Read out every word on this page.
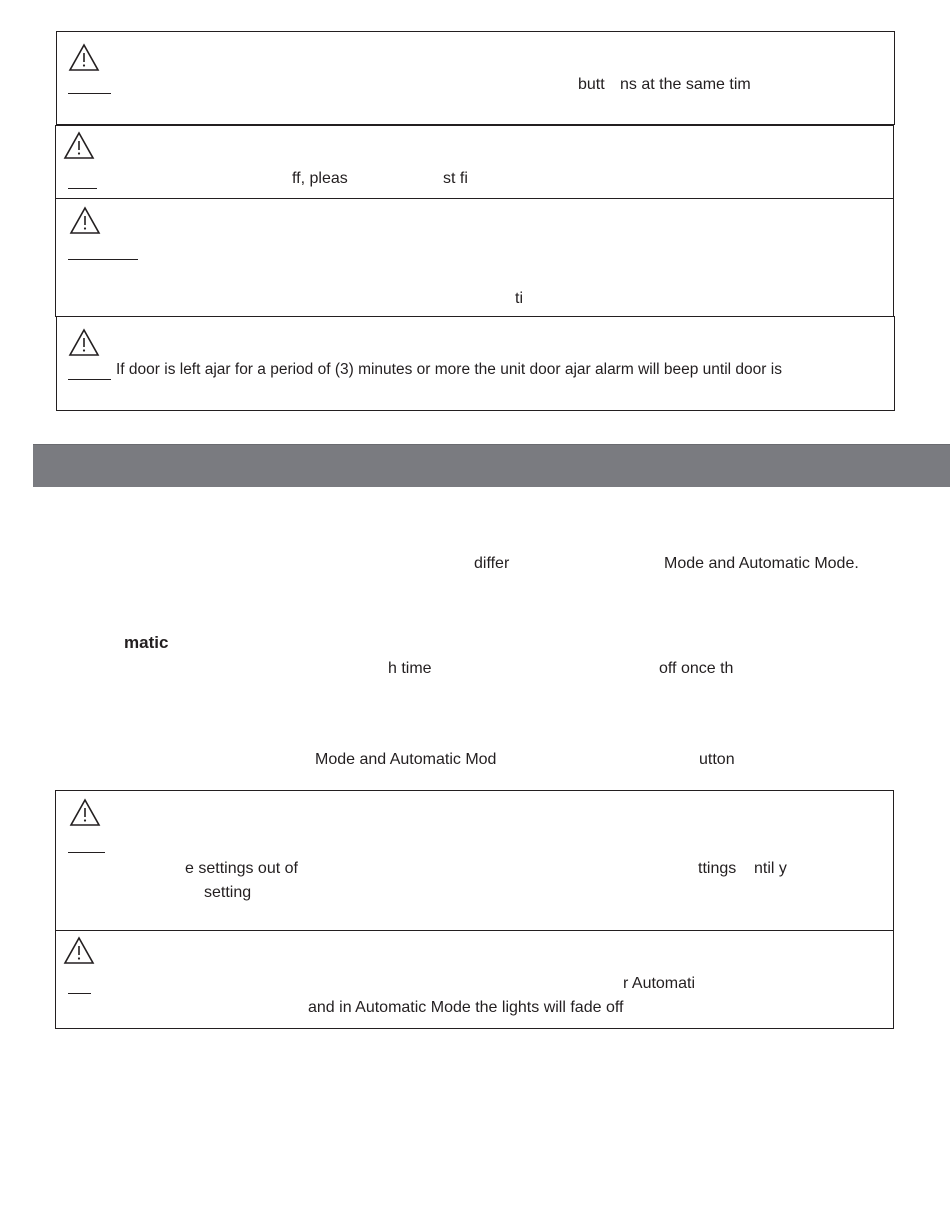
butt ns at the same tim
ff, pleas	st fi
ti
If door is left ajar for a period of (3) minutes or more the unit door ajar alarm will beep until door is
differ	Mode and Automatic Mode.
matic
h time	off once th
Mode and Automatic Mod	utton
e settings out of	ttings ntil y
setting
r Automati
and in Automatic Mode the lights will fade off
